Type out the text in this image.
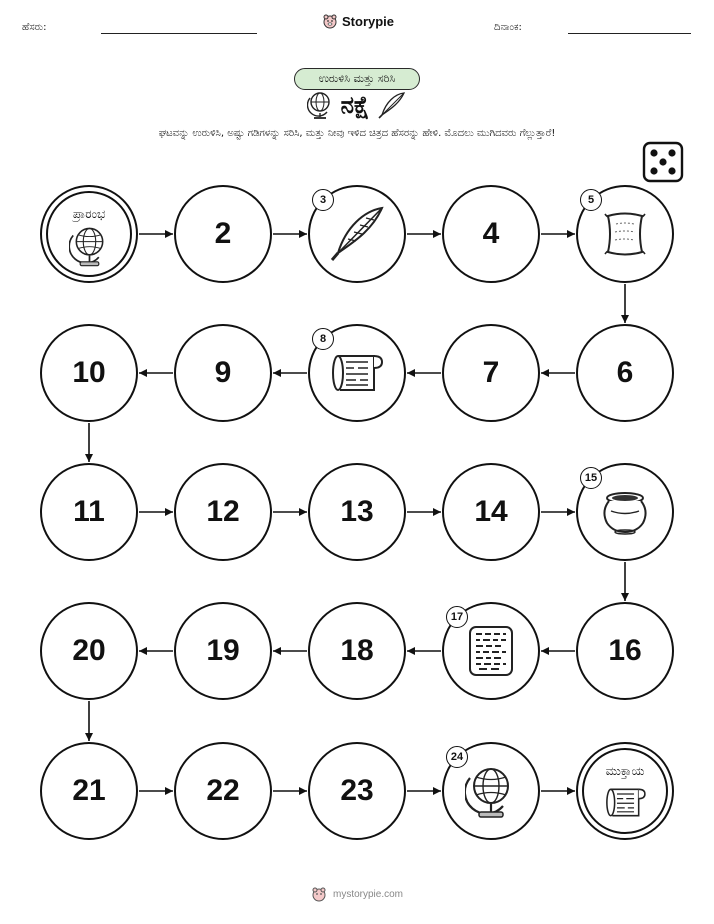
ಹೆಸರು:	Storypie	ದಿನಾಂಕ:
ಉರುಳಿಸಿ ಮತ್ತು ಸರಿಸಿ
ನಕ್ಷೆ
ಘಟವನ್ನು ಉರುಳಿಸಿ, ಅಷ್ಟು ಗಡಿಗಳನ್ನು ಸರಿಸಿ, ಮತ್ತು ನೀವು ಇಳಿದ ಚಿತ್ರದ ಹೆಸರನ್ನು ಹೇಳಿ. ಮೊದಲು ಮುಗಿದವರು ಗೆಲ್ಲುತ್ತಾರೆ!
ಪ್ರಾರಂಭ
2
3
4
5
6
7
8
9
10
11	12	13	14
15
16
17
18
19
20
21	22	23
24
ಮುಕ್ತಾಯ
mystorypie.com
